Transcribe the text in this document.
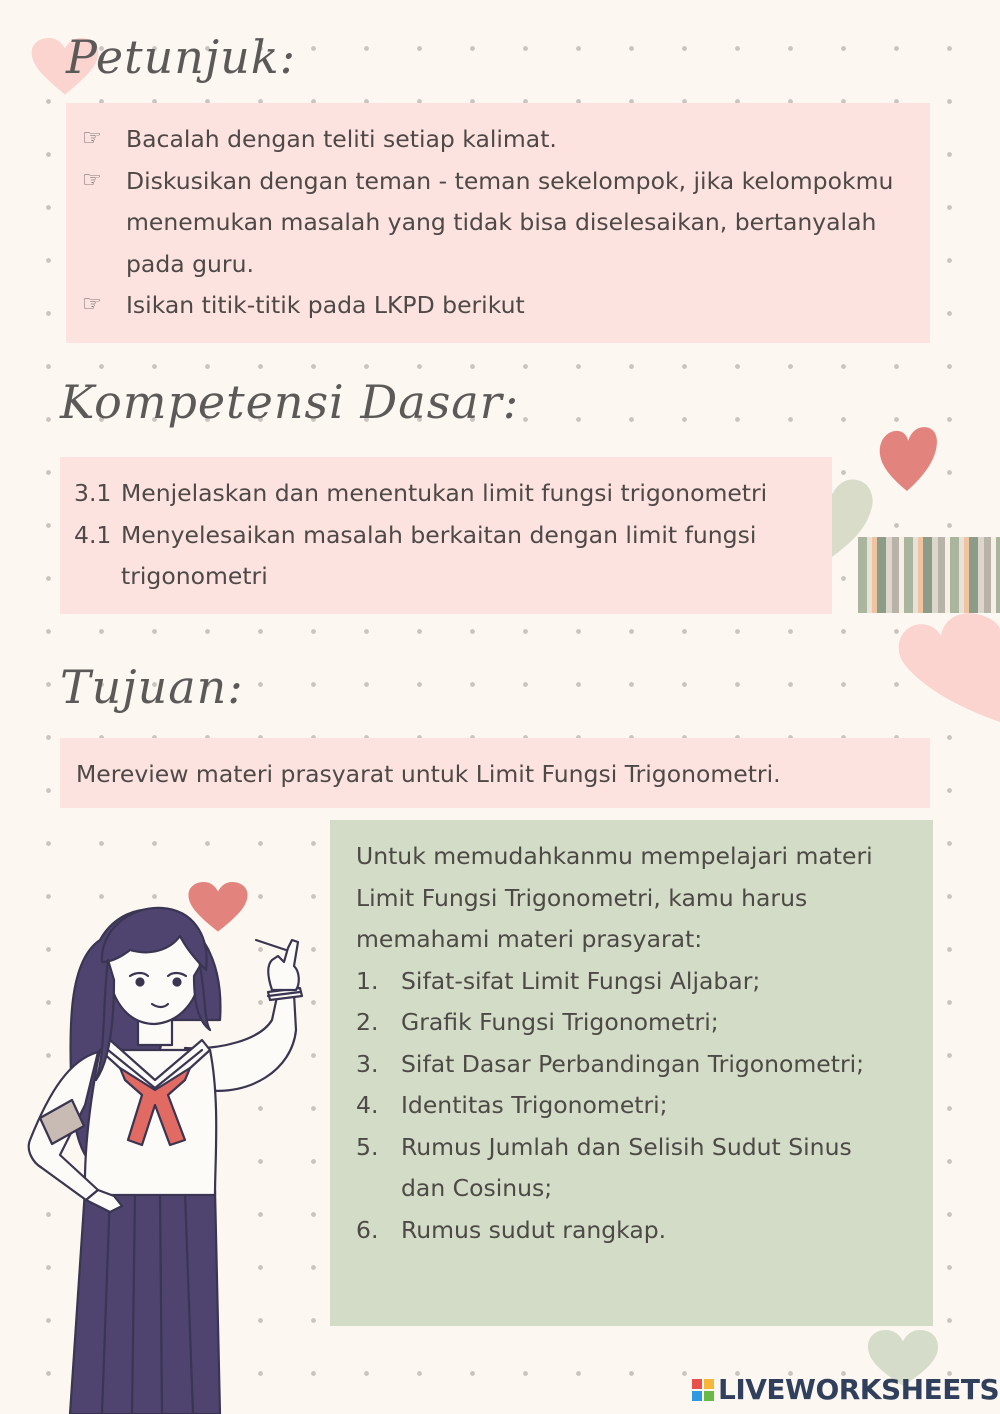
Petunjuk:
☞ Bacalah dengan teliti setiap kalimat.
☞ Diskusikan dengan teman - teman sekelompok, jika kelompokmu
menemukan masalah yang tidak bisa diselesaikan, bertanyalah
pada guru.
☞ Isikan titik-titik pada LKPD berikut
Kompetensi Dasar:
3.1 Menjelaskan dan menentukan limit fungsi trigonometri
4.1 Menyelesaikan masalah berkaitan dengan limit fungsi
trigonometri
Tujuan:
Mereview materi prasyarat untuk Limit Fungsi Trigonometri.
Untuk memudahkanmu mempelajari materi
Limit Fungsi Trigonometri, kamu harus
memahami materi prasyarat:
1. Sifat-sifat Limit Fungsi Aljabar;
2. Grafik Fungsi Trigonometri;
3. Sifat Dasar Perbandingan Trigonometri;
4. Identitas Trigonometri;
5. Rumus Jumlah dan Selisih Sudut Sinus
dan Cosinus;
6. Rumus sudut rangkap.
LIVEWORKSHEETS
